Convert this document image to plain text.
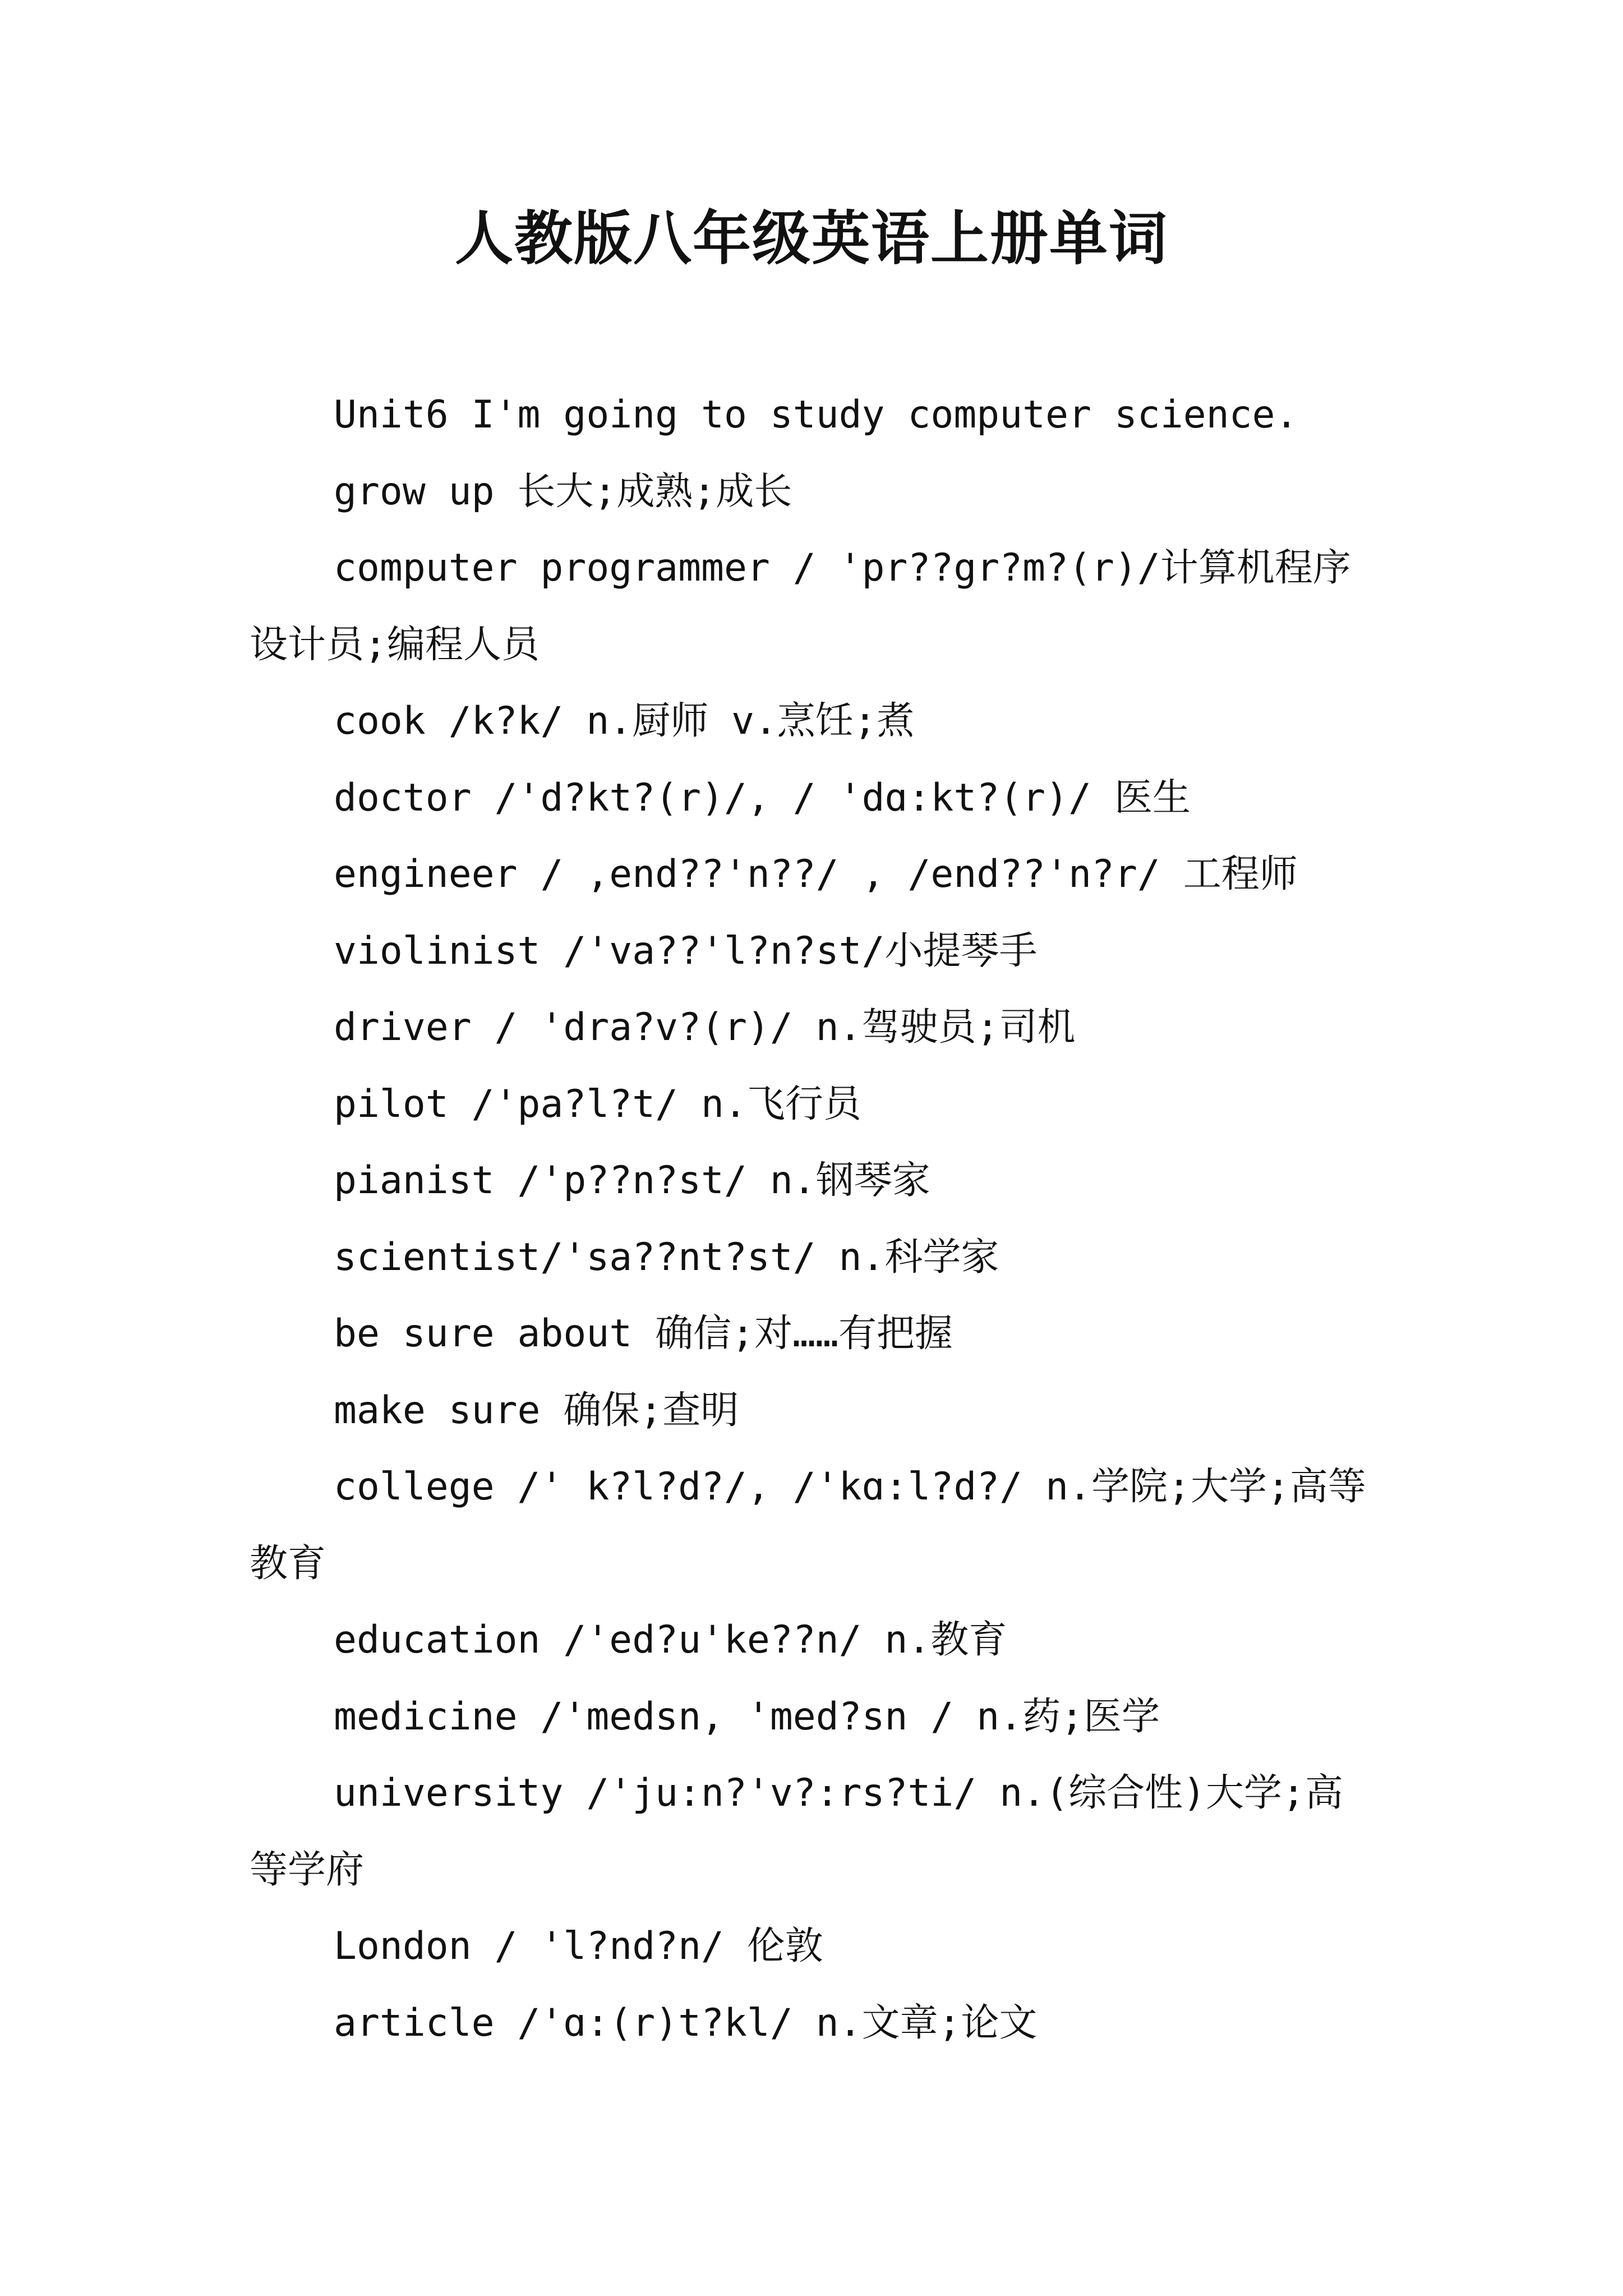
人教版八年级英语上册单词

Unit6 I'm going to study computer science.

grow up 长大;成熟;成长

computer programmer / 'pr??gr?m?(r)/计算机程序设计员;编程人员

cook /k?k/ n.厨师 v.烹饪;煮

doctor /'d?kt?(r)/, / 'dɑ:kt?(r)/ 医生

engineer / ,end??'n??/ , /end??'n?r/ 工程师

violinist /'va??'l?n?st/小提琴手

driver / 'dra?v?(r)/ n.驾驶员;司机

pilot /'pa?l?t/ n.飞行员

pianist /'p??n?st/ n.钢琴家

scientist/'sa??nt?st/ n.科学家

be sure about 确信;对……有把握

make sure 确保;查明

college /' k?l?d?/, /'kɑ:l?d?/ n.学院;大学;高等教育

education /'ed?u'ke??n/ n.教育

medicine /'medsn, 'med?sn / n.药;医学

university /'ju:n?'v?:rs?ti/ n.(综合性)大学;高等学府

London / 'l?nd?n/ 伦敦

article /'ɑ:(r)t?kl/ n.文章;论文
